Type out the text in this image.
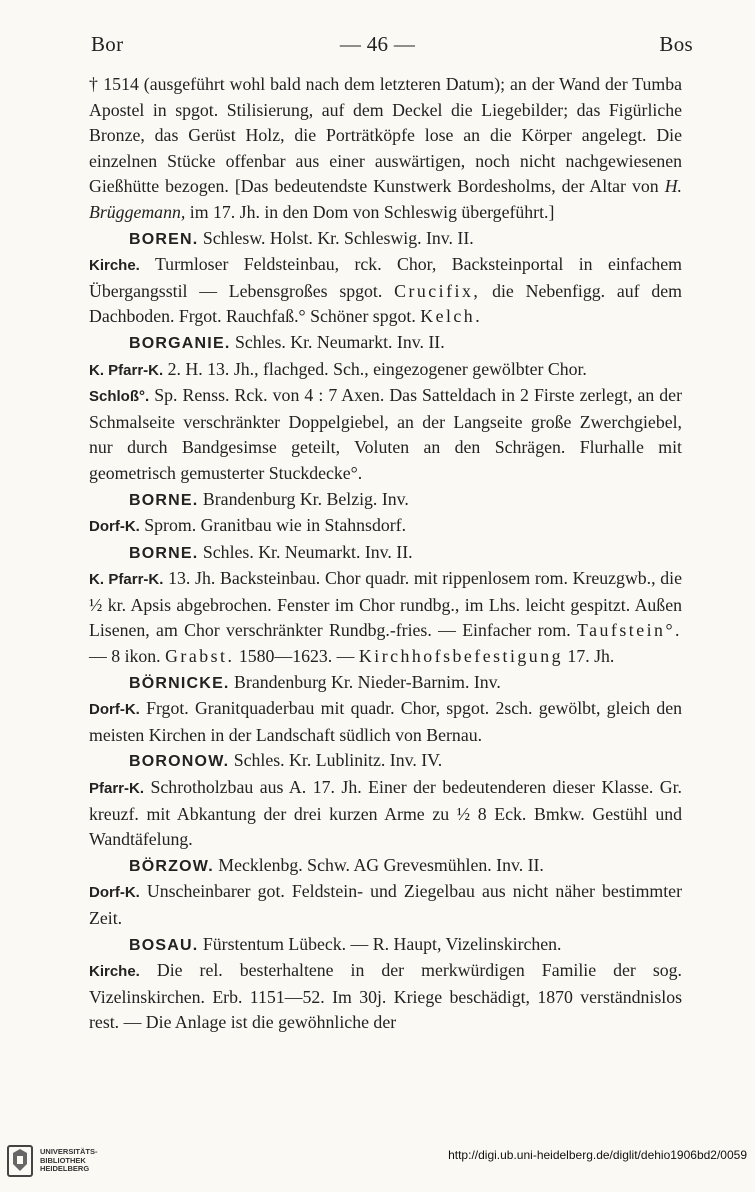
Bor	— 46 —	Bos

† 1514 (ausgeführt wohl bald nach dem letzteren Datum); an der Wand der Tumba Apostel in spgot. Stilisierung, auf dem Deckel die Liegebilder; das Figürliche Bronze, das Gerüst Holz, die Porträtköpfe lose an die Körper angelegt. Die einzelnen Stücke offenbar aus einer auswärtigen, noch nicht nachgewiesenen Gießhütte bezogen. [Das bedeutendste Kunstwerk Bordesholms, der Altar von H. Brüggemann, im 17. Jh. in den Dom von Schleswig übergeführt.]

BOREN. Schlesw. Holst. Kr. Schleswig. Inv. II.

Kirche. Turmloser Feldsteinbau, rck. Chor, Backsteinportal in einfachem Übergangsstil — Lebensgroßes spgot. Crucifix, die Nebenfigg. auf dem Dachboden. Frgot. Rauchfaß.° Schöner spgot. Kelch.

BORGANIE. Schles. Kr. Neumarkt. Inv. II.

K. Pfarr-K. 2. H. 13. Jh., flachged. Sch., eingezogener gewölbter Chor.

Schloß°. Sp. Renss. Rck. von 4 : 7 Axen. Das Satteldach in 2 Firste zerlegt, an der Schmalseite verschränkter Doppelgiebel, an der Langseite große Zwerchgiebel, nur durch Bandgesimse geteilt, Voluten an den Schrägen. Flurhalle mit geometrisch gemusterter Stuckdecke°.

BORNE. Brandenburg Kr. Belzig. Inv.

Dorf-K. Sprom. Granitbau wie in Stahnsdorf.

BORNE. Schles. Kr. Neumarkt. Inv. II.

K. Pfarr-K. 13. Jh. Backsteinbau. Chor quadr. mit rippenlosem rom. Kreuzgwb., die ½ kr. Apsis abgebrochen. Fenster im Chor rundbg., im Lhs. leicht gespitzt. Außen Lisenen, am Chor verschränkter Rundbg.-fries. — Einfacher rom. Taufstein°. — 8 ikon. Grabst. 1580—1623. — Kirchhofsbefestigung 17. Jh.

BÖRNICKE. Brandenburg Kr. Nieder-Barnim. Inv.

Dorf-K. Frgot. Granitquaderbau mit quadr. Chor, spgot. 2sch. gewölbt, gleich den meisten Kirchen in der Landschaft südlich von Bernau.

BORONOW. Schles. Kr. Lublinitz. Inv. IV.

Pfarr-K. Schrotholzbau aus A. 17. Jh. Einer der bedeutenderen dieser Klasse. Gr. kreuzf. mit Abkantung der drei kurzen Arme zu ½ 8 Eck. Bmkw. Gestühl und Wandtäfelung.

BÖRZOW. Mecklenbg. Schw. AG Grevesmühlen. Inv. II.

Dorf-K. Unscheinbarer got. Feldstein- und Ziegelbau aus nicht näher bestimmter Zeit.

BOSAU. Fürstentum Lübeck. — R. Haupt, Vizelinskirchen.

Kirche. Die rel. besterhaltene in der merkwürdigen Familie der sog. Vizelinskirchen. Erb. 1151—52. Im 30j. Kriege beschädigt, 1870 verständnislos rest. — Die Anlage ist die gewöhnliche der

UNIVERSITÄTS-
BIBLIOTHEK
HEIDELBERG
http://digi.ub.uni-heidelberg.de/diglit/dehio1906bd2/0059
